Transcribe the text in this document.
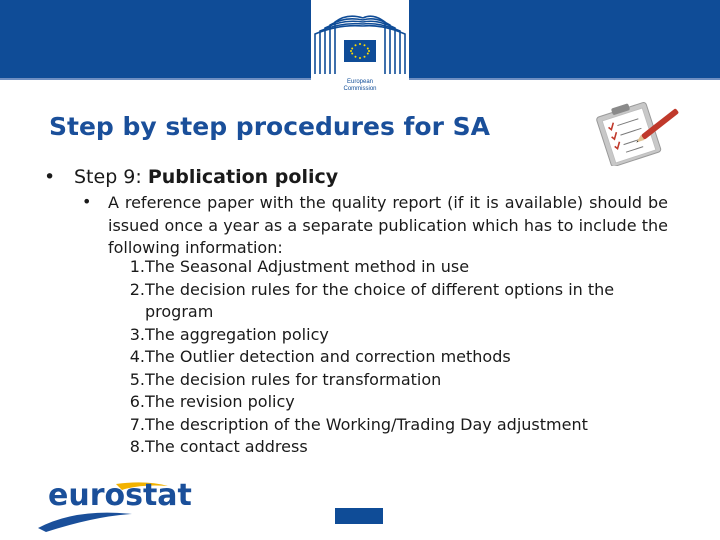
European
Commission
Step by step procedures for SA
• Step 9: Publication policy
• A reference paper with the quality report (if it is available) should be issued once a year as a separate publication which has to include the following information:
1. The Seasonal Adjustment method in use
2. The decision rules for the choice of different options in the program
3. The aggregation policy
4. The Outlier detection and correction methods
5. The decision rules for transformation
6. The revision policy
7. The description of the Working/Trading Day adjustment
8. The contact address
eurostat
